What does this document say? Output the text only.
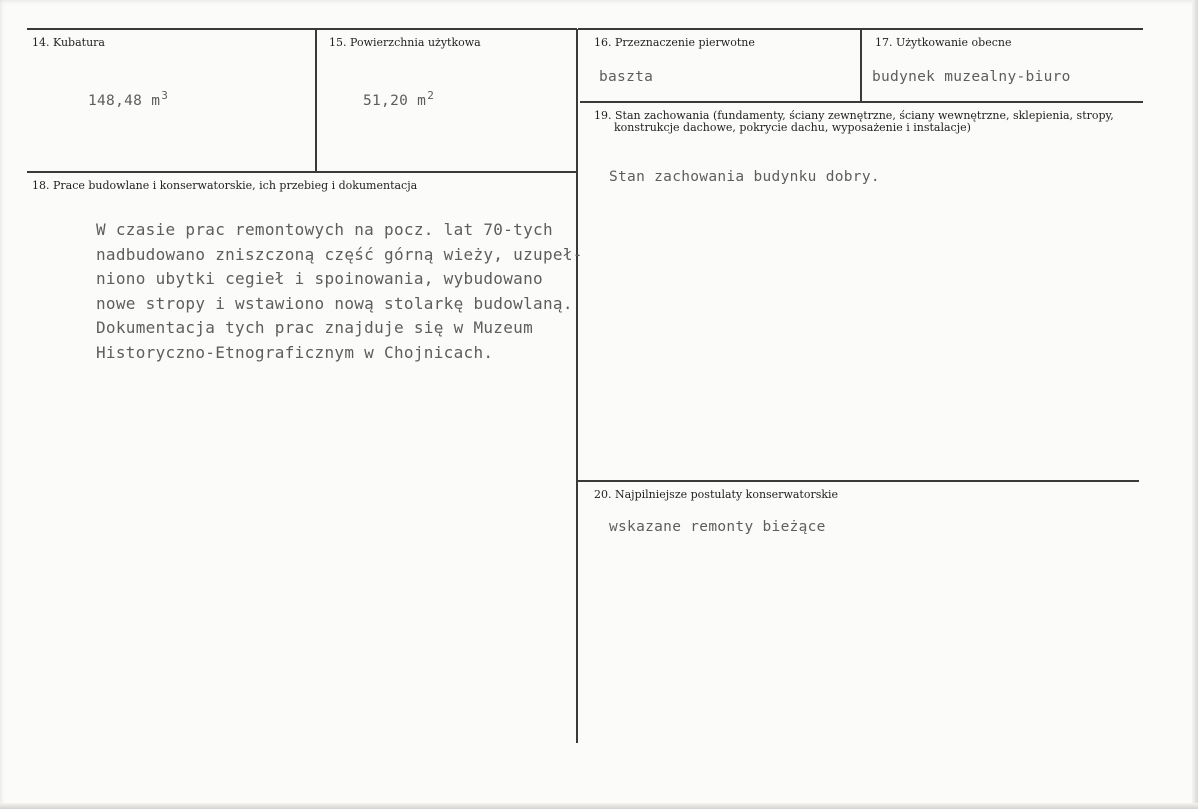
14. Kubatura
148,48 $m^3$
15. Powierzchnia użytkowa
51,20 $m^2$
16. Przeznaczenie pierwotne
baszta
17. Użytkowanie obecne
budynek muzealny-biuro
19. Stan zachowania (fundamenty, ściany zewnętrzne, ściany wewnętrzne, sklepienia, stropy,
konstrukcje dachowe, pokrycie dachu, wyposażenie i instalacje)
Stan zachowania budynku dobry.
18. Prace budowlane i konserwatorskie, ich przebieg i dokumentacja
W czasie prac remontowych na pocz. lat 70-tych
nadbudowano zniszczoną część górną wieży, uzupeł-
niono ubytki cegieł i spoinowania, wybudowano
nowe stropy i wstawiono nową stolarkę budowlaną.
Dokumentacja tych prac znajduje się w Muzeum
Historyczno-Etnograficznym w Chojnicach.
20. Najpilniejsze postulaty konserwatorskie
wskazane remonty bieżące
